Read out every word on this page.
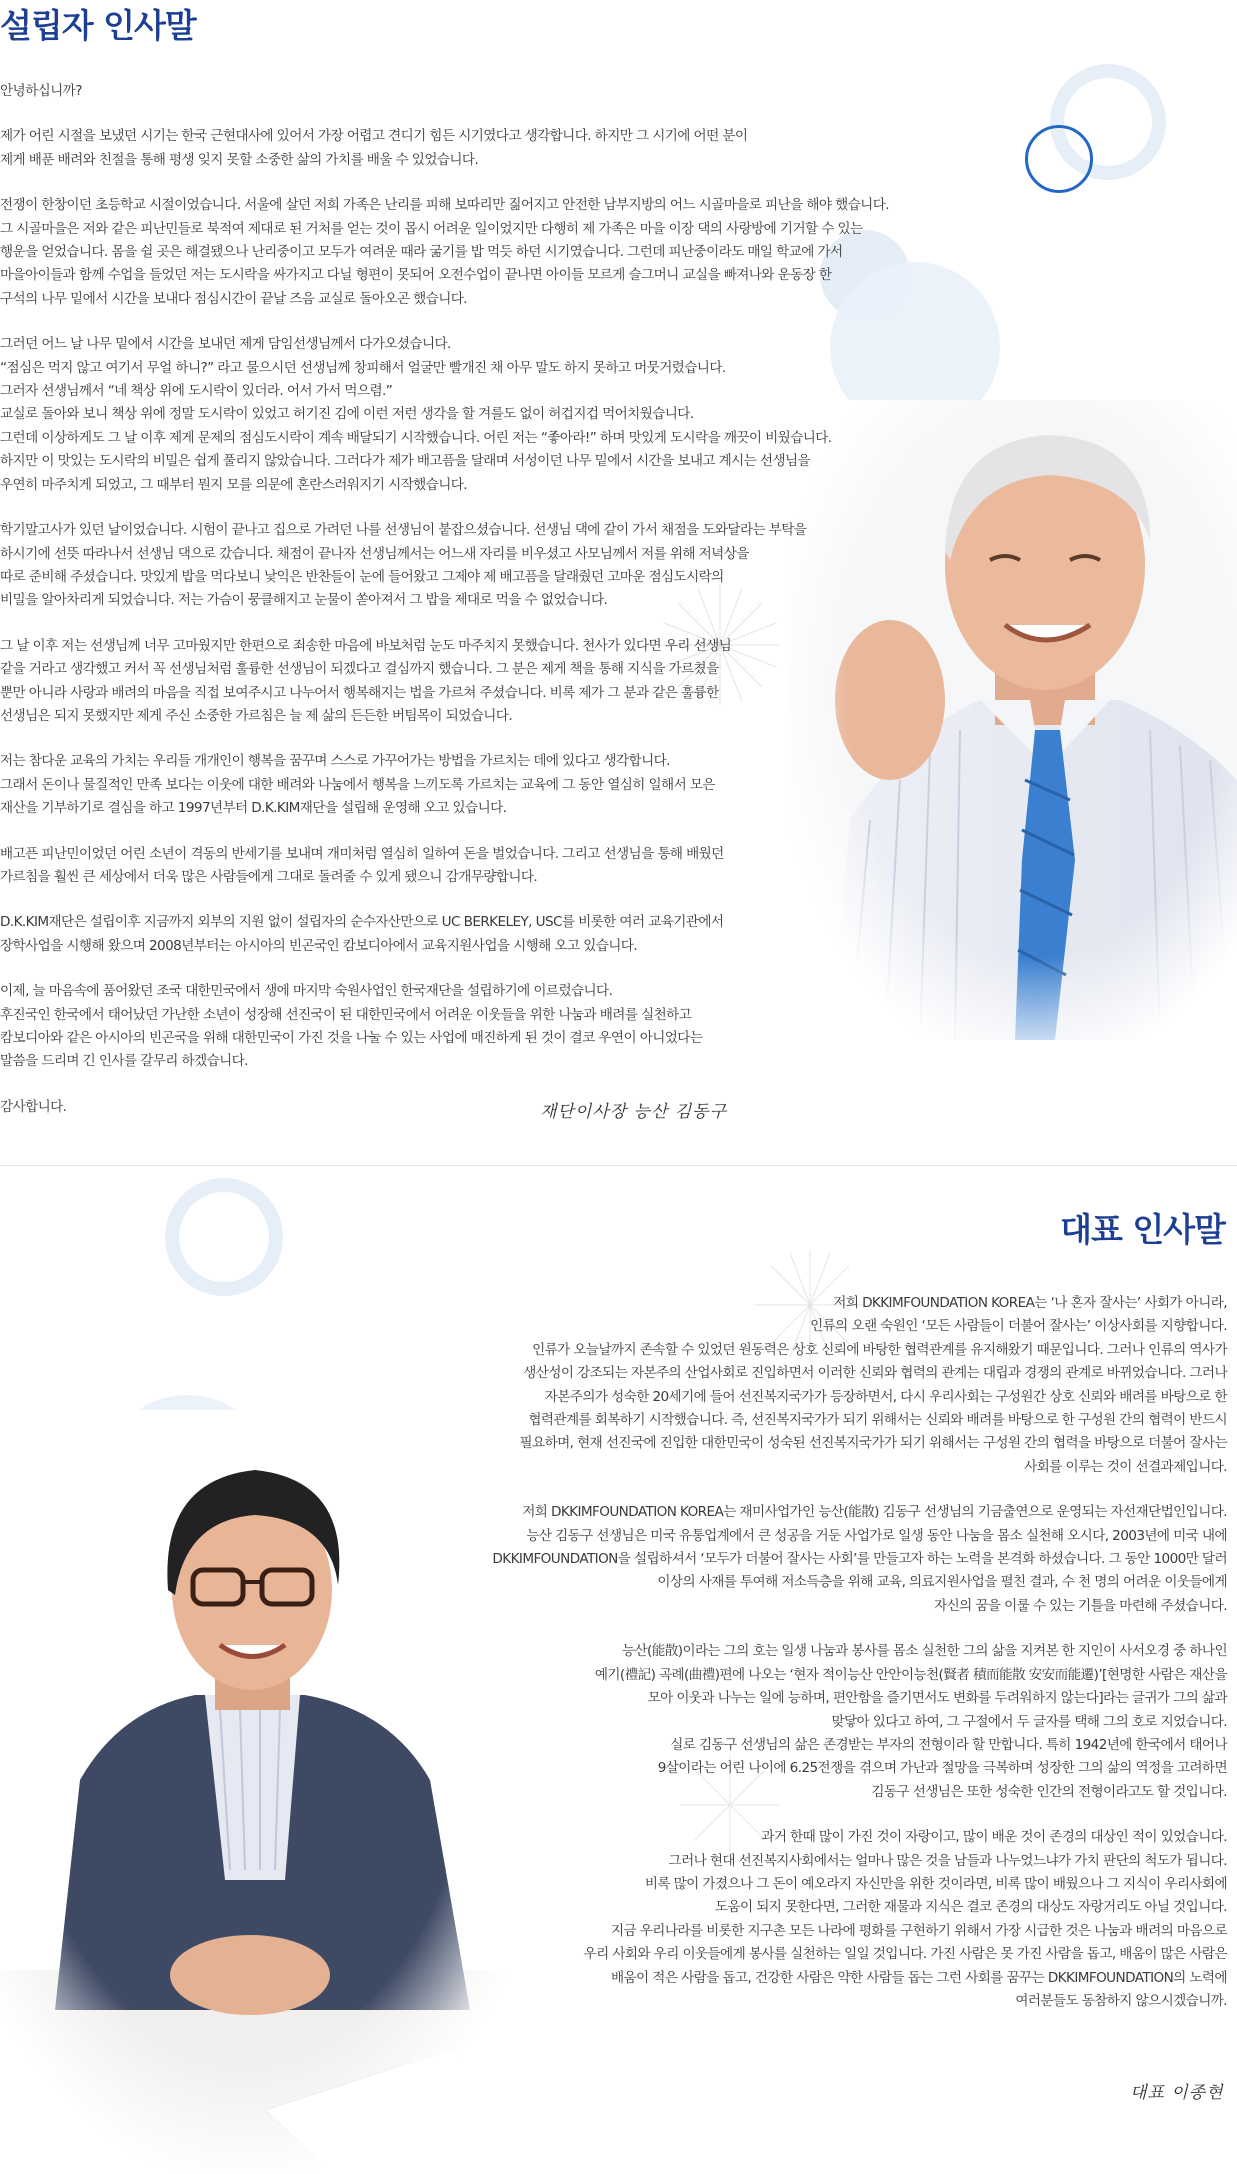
설립자 인사말

안녕하십니까?

제가 어린 시절을 보냈던 시기는 한국 근현대사에 있어서 가장 어렵고 견디기 힘든 시기였다고 생각합니다. 하지만 그 시기에 어떤 분이
제게 배푼 배려와 친절을 통해 평생 잊지 못할 소중한 삶의 가치를 배울 수 있었습니다.

전쟁이 한창이던 초등학교 시절이었습니다. 서울에 살던 저희 가족은 난리를 피해 보따리만 짊어지고 안전한 남부지방의 어느 시골마을로 피난을 해야 했습니다.
그 시골마을은 저와 같은 피난민들로 북적여 제대로 된 거처를 얻는 것이 몹시 어려운 일이었지만 다행히 제 가족은 마을 이장 댁의 사랑방에 기거할 수 있는
행운을 얻었습니다. 몸을 쉴 곳은 해결됐으나 난리중이고 모두가 여려운 때라 굶기를 밥 먹듯 하던 시기였습니다. 그런데 피난중이라도 매일 학교에 가서
마을아이들과 함께 수업을 들었던 저는 도시락을 싸가지고 다닐 형편이 못되어 오전수업이 끝나면 아이들 모르게 슬그머니 교실을 빠져나와 운동장 한
구석의 나무 밑에서 시간을 보내다 점심시간이 끝날 즈음 교실로 돌아오곤 했습니다.

그러던 어느 날 나무 밑에서 시간을 보내던 제게 담임선생님께서 다가오셨습니다.
“점심은 먹지 않고 여기서 무얼 하니?” 라고 물으시던 선생님께 창피해서 얼굴만 빨개진 채 아무 말도 하지 못하고 머뭇거렸습니다.
그러자 선생님께서 “네 책상 위에 도시락이 있더라. 어서 가서 먹으렴.”
교실로 돌아와 보니 책상 위에 정말 도시락이 있었고 허기진 김에 이런 저런 생각을 할 겨를도 없이 허겁지겁 먹어치웠습니다.
그런데 이상하게도 그 날 이후 제게 문제의 점심도시락이 계속 배달되기 시작했습니다. 어린 저는 “좋아라!” 하며 맛있게 도시락을 깨끗이 비웠습니다.
하지만 이 맛있는 도시락의 비밀은 쉽게 풀리지 않았습니다. 그러다가 제가 배고픔을 달래며 서성이던 나무 밑에서 시간을 보내고 계시는 선생님을
우연히 마주치게 되었고, 그 때부터 뭔지 모를 의문에 혼란스러워지기 시작했습니다.

학기말고사가 있던 날이었습니다. 시험이 끝나고 집으로 가려던 나를 선생님이 붙잡으셨습니다. 선생님 댁에 같이 가서 채점을 도와달라는 부탁을
하시기에 선뜻 따라나서 선생님 댁으로 갔습니다. 채점이 끝나자 선생님께서는 어느새 자리를 비우셨고 사모님께서 저를 위해 저녁상을
따로 준비해 주셨습니다. 맛있게 밥을 먹다보니 낯익은 반찬들이 눈에 들어왔고 그제야 제 배고픔을 달래줬던 고마운 점심도시락의
비밀을 알아차리게 되었습니다. 저는 가슴이 뭉클해지고 눈물이 쏟아져서 그 밥을 제대로 먹을 수 없었습니다.

그 날 이후 저는 선생님께 너무 고마웠지만 한편으로 죄송한 마음에 바보처럼 눈도 마주치지 못했습니다. 천사가 있다면 우리 선생님
같을 거라고 생각했고 커서 꼭 선생님처럼 훌륭한 선생님이 되겠다고 결심까지 했습니다. 그 분은 제게 책을 통해 지식을 가르쳤을
뿐만 아니라 사랑과 배려의 마음을 직접 보여주시고 나누어서 행복해지는 법을 가르쳐 주셨습니다. 비록 제가 그 분과 같은 훌륭한
선생님은 되지 못했지만 제게 주신 소중한 가르침은 늘 제 삶의 든든한 버팀목이 되었습니다.

저는 참다운 교육의 가치는 우리들 개개인이 행복을 꿈꾸며 스스로 가꾸어가는 방법을 가르치는 데에 있다고 생각합니다.
그래서 돈이나 물질적인 만족 보다는 이웃에 대한 배려와 나눔에서 행복을 느끼도록 가르치는 교육에 그 동안 열심히 일해서 모은
재산을 기부하기로 결심을 하고 1997년부터 D.K.KIM재단을 설립해 운영해 오고 있습니다.

배고픈 피난민이었던 어린 소년이 격동의 반세기를 보내며 개미처럼 열심히 일하여 돈을 벌었습니다. 그리고 선생님을 통해 배웠던
가르침을 훨씬 큰 세상에서 더욱 많은 사람들에게 그대로 돌려줄 수 있게 됐으니 감개무량합니다.

D.K.KIM재단은 설립이후 지금까지 외부의 지원 없이 설립자의 순수자산만으로 UC BERKELEY, USC를 비롯한 여러 교육기관에서
장학사업을 시행해 왔으며 2008년부터는 아시아의 빈곤국인 캄보디아에서 교육지원사업을 시행해 오고 있습니다.

이제, 늘 마음속에 품어왔던 조국 대한민국에서 생에 마지막 숙원사업인 한국재단을 설립하기에 이르렀습니다.
후진국인 한국에서 태어났던 가난한 소년이 성장해 선진국이 된 대한민국에서 어려운 이웃들을 위한 나눔과 배려를 실천하고
캄보디아와 같은 아시아의 빈곤국을 위해 대한민국이 가진 것을 나눌 수 있는 사업에 매진하게 된 것이 결코 우연이 아니었다는
말씀을 드리며 긴 인사를 갈무리 하겠습니다.

감사합니다.	재단이사장 능산 김동구
대표 인사말

저희 DKKIMFOUNDATION KOREA는 ‘나 혼자 잘사는’ 사회가 아니라,
인류의 오랜 숙원인 ‘모든 사람들이 더불어 잘사는’ 이상사회를 지향합니다.
인류가 오늘날까지 존속할 수 있었던 원동력은 상호 신뢰에 바탕한 협력관계를 유지해왔기 때문입니다. 그러나 인류의 역사가
생산성이 강조되는 자본주의 산업사회로 진입하면서 이러한 신뢰와 협력의 관계는 대립과 경쟁의 관계로 바뀌었습니다. 그러나
자본주의가 성숙한 20세기에 들어 선진복지국가가 등장하면서, 다시 우리사회는 구성원간 상호 신뢰와 배려를 바탕으로 한
협력관계를 회복하기 시작했습니다. 즉, 선진복지국가가 되기 위해서는 신뢰와 배려를 바탕으로 한 구성원 간의 협력이 반드시
필요하며, 현재 선진국에 진입한 대한민국이 성숙된 선진복지국가가 되기 위해서는 구성원 간의 협력을 바탕으로 더불어 잘사는
사회를 이루는 것이 선결과제입니다.

저희 DKKIMFOUNDATION KOREA는 재미사업가인 능산(能散) 김동구 선생님의 기금출연으로 운영되는 자선재단법인입니다.
능산 김동구 선생님은 미국 유통업계에서 큰 성공을 거둔 사업가로 일생 동안 나눔을 몸소 실천해 오시다, 2003년에 미국 내에
DKKIMFOUNDATION을 설립하셔서 ‘모두가 더불어 잘사는 사회’를 만들고자 하는 노력을 본격화 하셨습니다. 그 동안 1000만 달러
이상의 사재를 투여해 저소득층을 위해 교육, 의료지원사업을 펼친 결과, 수 천 명의 어려운 이웃들에게
자신의 꿈을 이룰 수 있는 기틀을 마련해 주셨습니다.

능산(能散)이라는 그의 호는 일생 나눔과 봉사를 몸소 실천한 그의 삶을 지켜본 한 지인이 사서오경 중 하나인
예기(禮記) 곡례(曲禮)편에 나오는 ‘현자 적이능산 안안이능천(賢者 積而能散 安安而能遷)’[현명한 사람은 재산을
모아 이웃과 나누는 일에 능하며, 편안함을 즐기면서도 변화를 두려워하지 않는다]라는 글귀가 그의 삶과
맞닿아 있다고 하여, 그 구절에서 두 글자를 택해 그의 호로 지었습니다.
실로 김동구 선생님의 삶은 존경받는 부자의 전형이라 할 만합니다. 특히 1942년에 한국에서 태어나
9살이라는 어린 나이에 6.25전쟁을 겪으며 가난과 절망을 극복하며 성장한 그의 삶의 역정을 고려하면
김동구 선생님은 또한 성숙한 인간의 전형이라고도 할 것입니다.

과거 한때 많이 가진 것이 자랑이고, 많이 배운 것이 존경의 대상인 적이 있었습니다.
그러나 현대 선진복지사회에서는 얼마나 많은 것을 남들과 나누었느냐가 가치 판단의 척도가 됩니다.
비록 많이 가졌으나 그 돈이 예오라지 자신만을 위한 것이라면, 비록 많이 배웠으나 그 지식이 우리사회에
도움이 되지 못한다면, 그러한 재물과 지식은 결코 존경의 대상도 자랑거리도 아닐 것입니다.
지금 우리나라를 비롯한 지구촌 모든 나라에 평화를 구현하기 위해서 가장 시급한 것은 나눔과 배려의 마음으로
우리 사회와 우리 이웃들에게 봉사를 실천하는 일일 것입니다. 가진 사람은 못 가진 사람을 돕고, 배움이 많은 사람은
배움이 적은 사람을 돕고, 건강한 사람은 약한 사람들 돕는 그런 사회를 꿈꾸는 DKKIMFOUNDATION의 노력에
여러분들도 동참하지 않으시겠습니까.

대표 이종현
